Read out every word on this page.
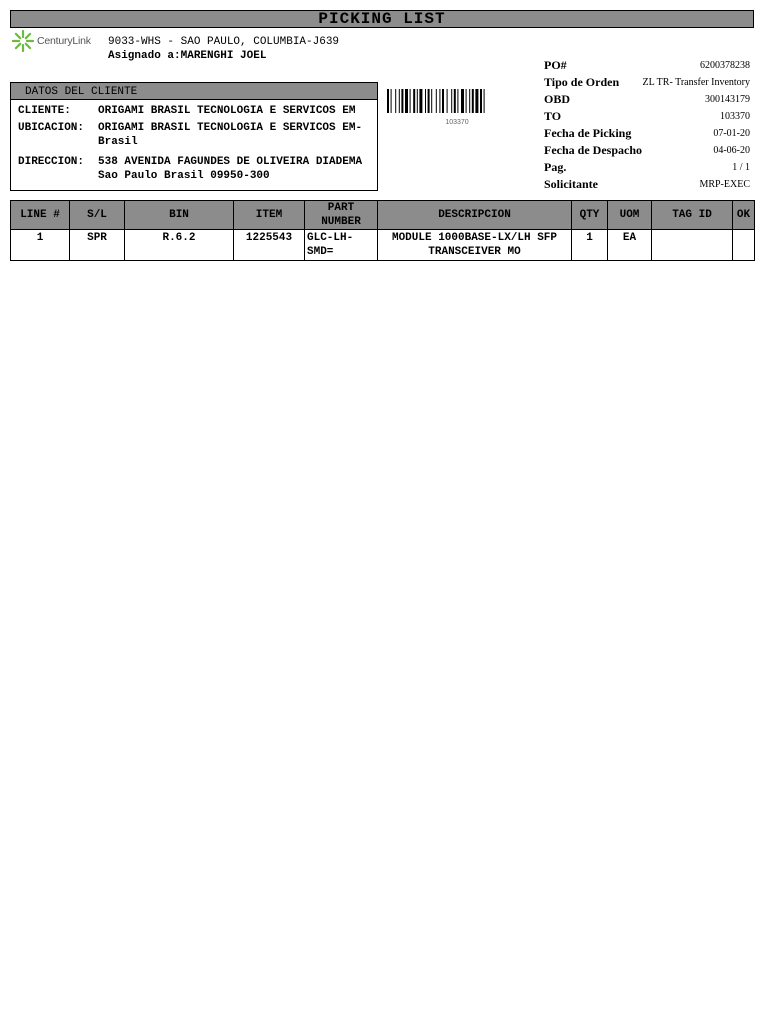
PICKING LIST
CenturyLink 9033-WHS - SAO PAULO, COLUMBIA-J639
Asignado a:MARENGHI JOEL
DATOS DEL CLIENTE
CLIENTE: ORIGAMI BRASIL TECNOLOGIA E SERVICOS EM
UBICACION: ORIGAMI BRASIL TECNOLOGIA E SERVICOS EM-Brasil
DIRECCION: 538 AVENIDA FAGUNDES DE OLIVEIRA DIADEMA Sao Paulo Brasil 09950-300
103370
PO#	6200378238
Tipo de Orden ZL TR- Transfer Inventory
OBD	300143179
TO	103370
Fecha de Picking	07-01-20
Fecha de Despacho	04-06-20
Pag.	1 / 1
Solicitante	MRP-EXEC
LINE #	S/L	BIN	ITEM	PART NUMBER	DESCRIPCION	QTY	UOM	TAG ID	OK
1	SPR	R.6.2	1225543	GLC-LH-SMD=	MODULE 1000BASE-LX/LH SFP TRANSCEIVER MO	1	EA		
